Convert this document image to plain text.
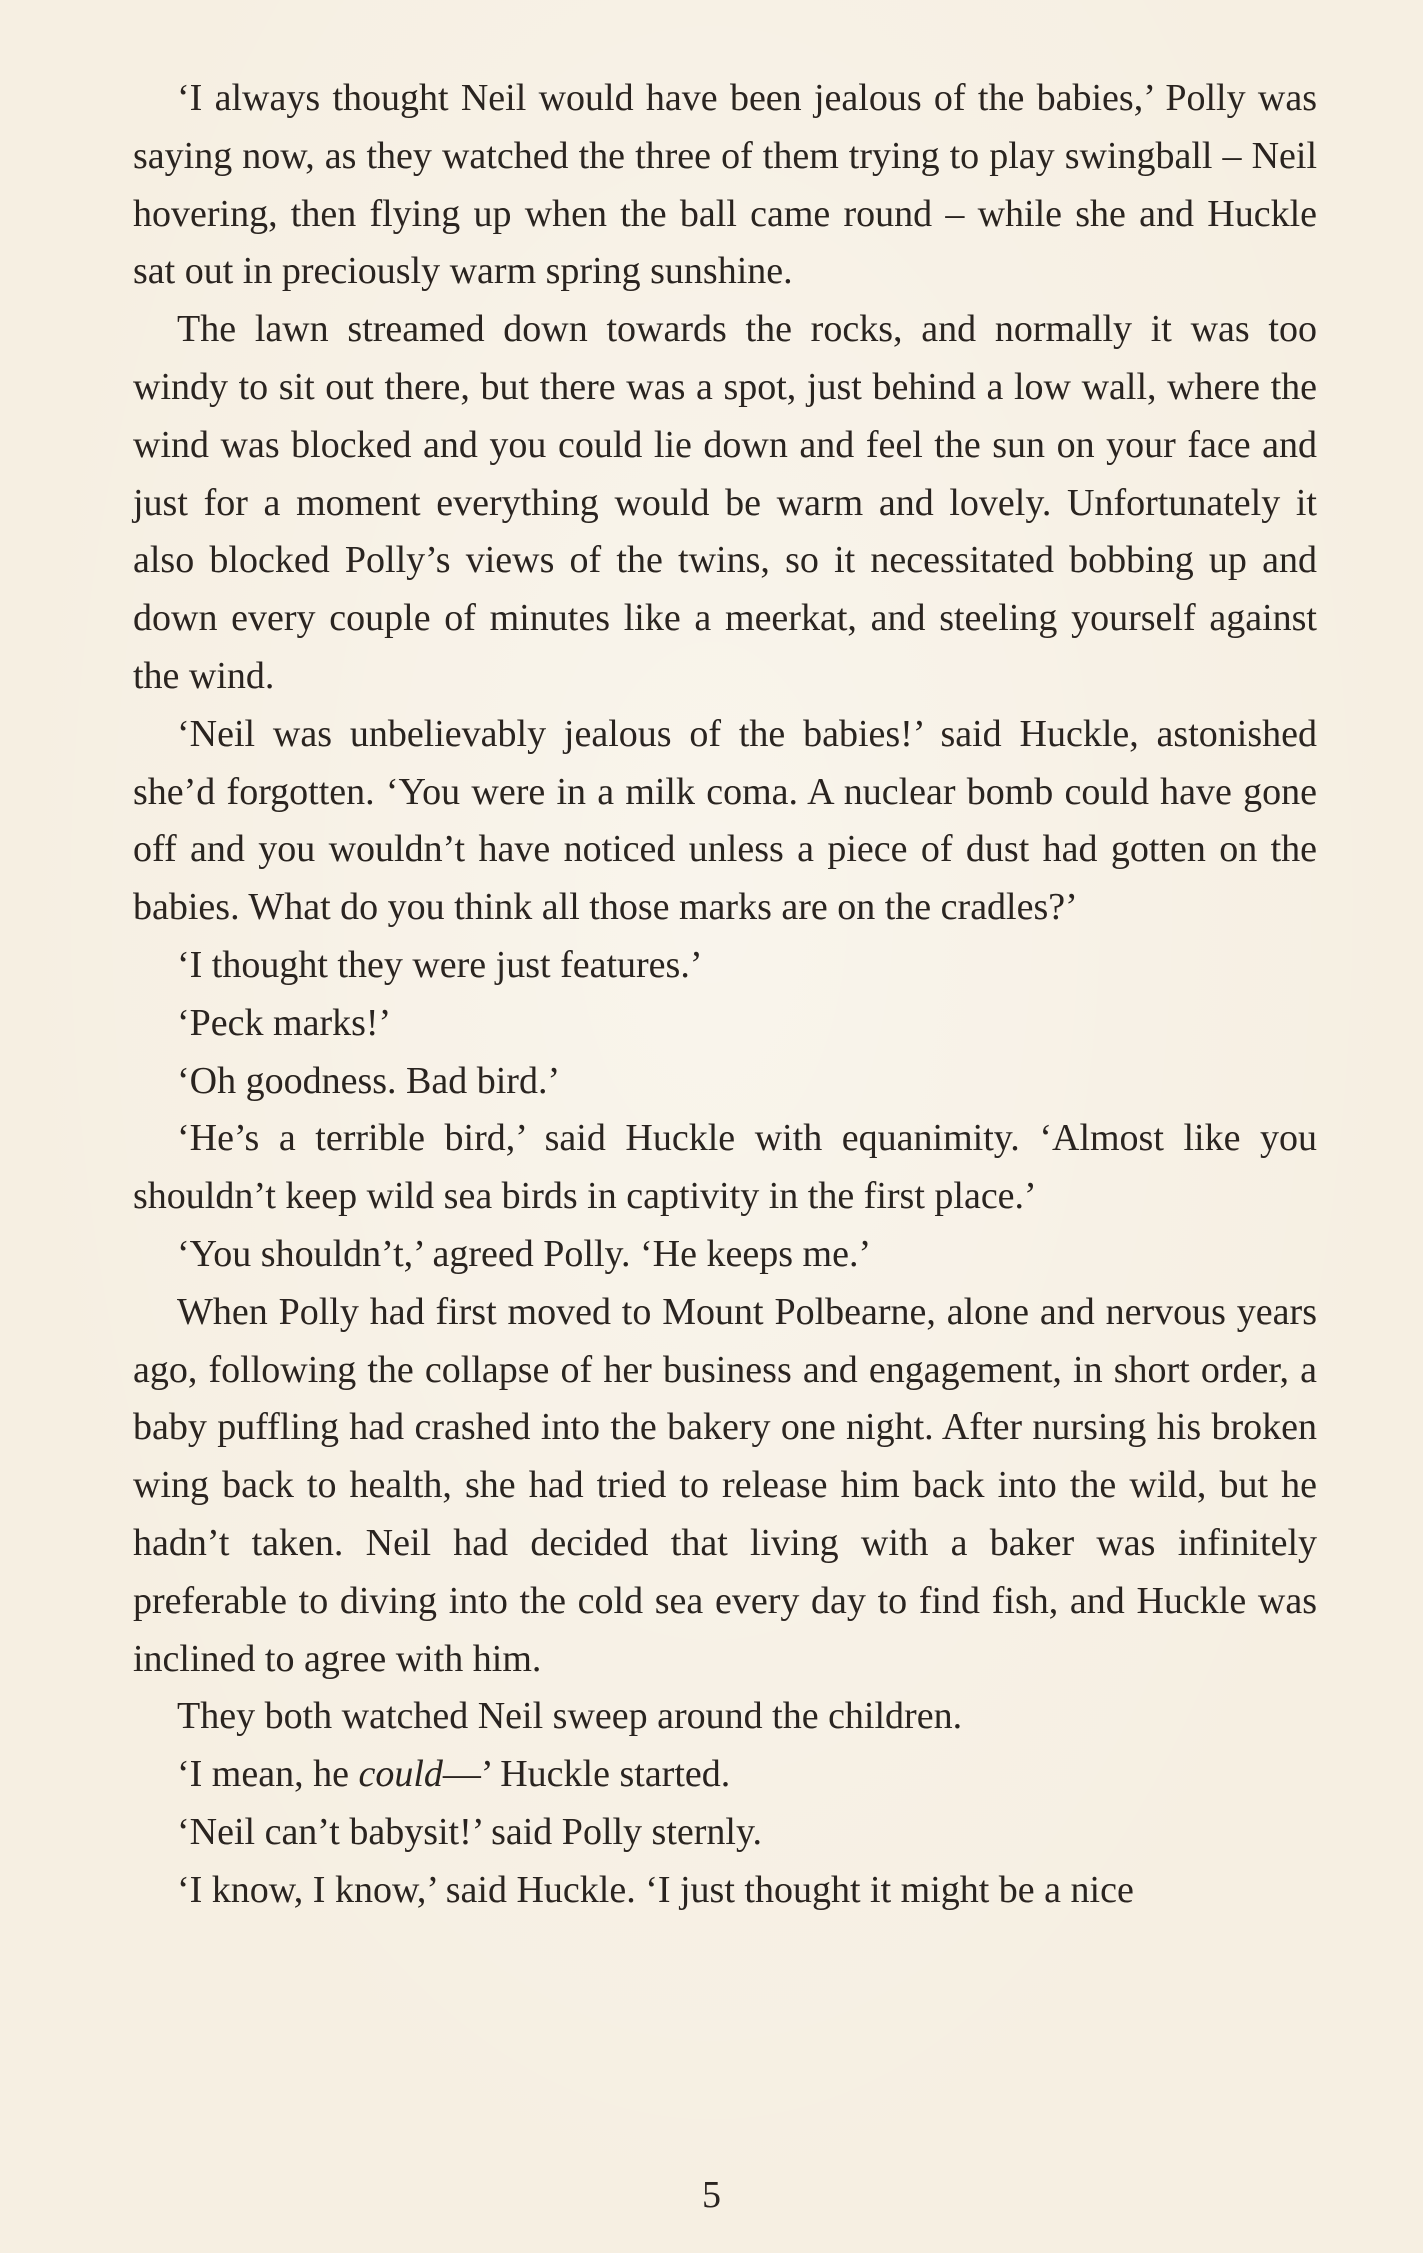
‘I always thought Neil would have been jealous of the babies,’ Polly was saying now, as they watched the three of them trying to play swingball – Neil hovering, then flying up when the ball came round – while she and Huckle sat out in preciously warm spring sunshine.

The lawn streamed down towards the rocks, and normally it was too windy to sit out there, but there was a spot, just behind a low wall, where the wind was blocked and you could lie down and feel the sun on your face and just for a moment everything would be warm and lovely. Unfortunately it also blocked Polly’s views of the twins, so it necessitated bobbing up and down every couple of minutes like a meerkat, and steeling yourself against the wind.

‘Neil was unbelievably jealous of the babies!’ said Huckle, astonished she’d forgotten. ‘You were in a milk coma. A nuclear bomb could have gone off and you wouldn’t have noticed unless a piece of dust had gotten on the babies. What do you think all those marks are on the cradles?’

‘I thought they were just features.’

‘Peck marks!’

‘Oh goodness. Bad bird.’

‘He’s a terrible bird,’ said Huckle with equanimity. ‘Almost like you shouldn’t keep wild sea birds in captivity in the first place.’

‘You shouldn’t,’ agreed Polly. ‘He keeps me.’

When Polly had first moved to Mount Polbearne, alone and nervous years ago, following the collapse of her business and engagement, in short order, a baby puffling had crashed into the bakery one night. After nursing his broken wing back to health, she had tried to release him back into the wild, but he hadn’t taken. Neil had decided that living with a baker was infinitely preferable to diving into the cold sea every day to find fish, and Huckle was inclined to agree with him.

They both watched Neil sweep around the children.

‘I mean, he could—’ Huckle started.

‘Neil can’t babysit!’ said Polly sternly.

‘I know, I know,’ said Huckle. ‘I just thought it might be a nice

5
